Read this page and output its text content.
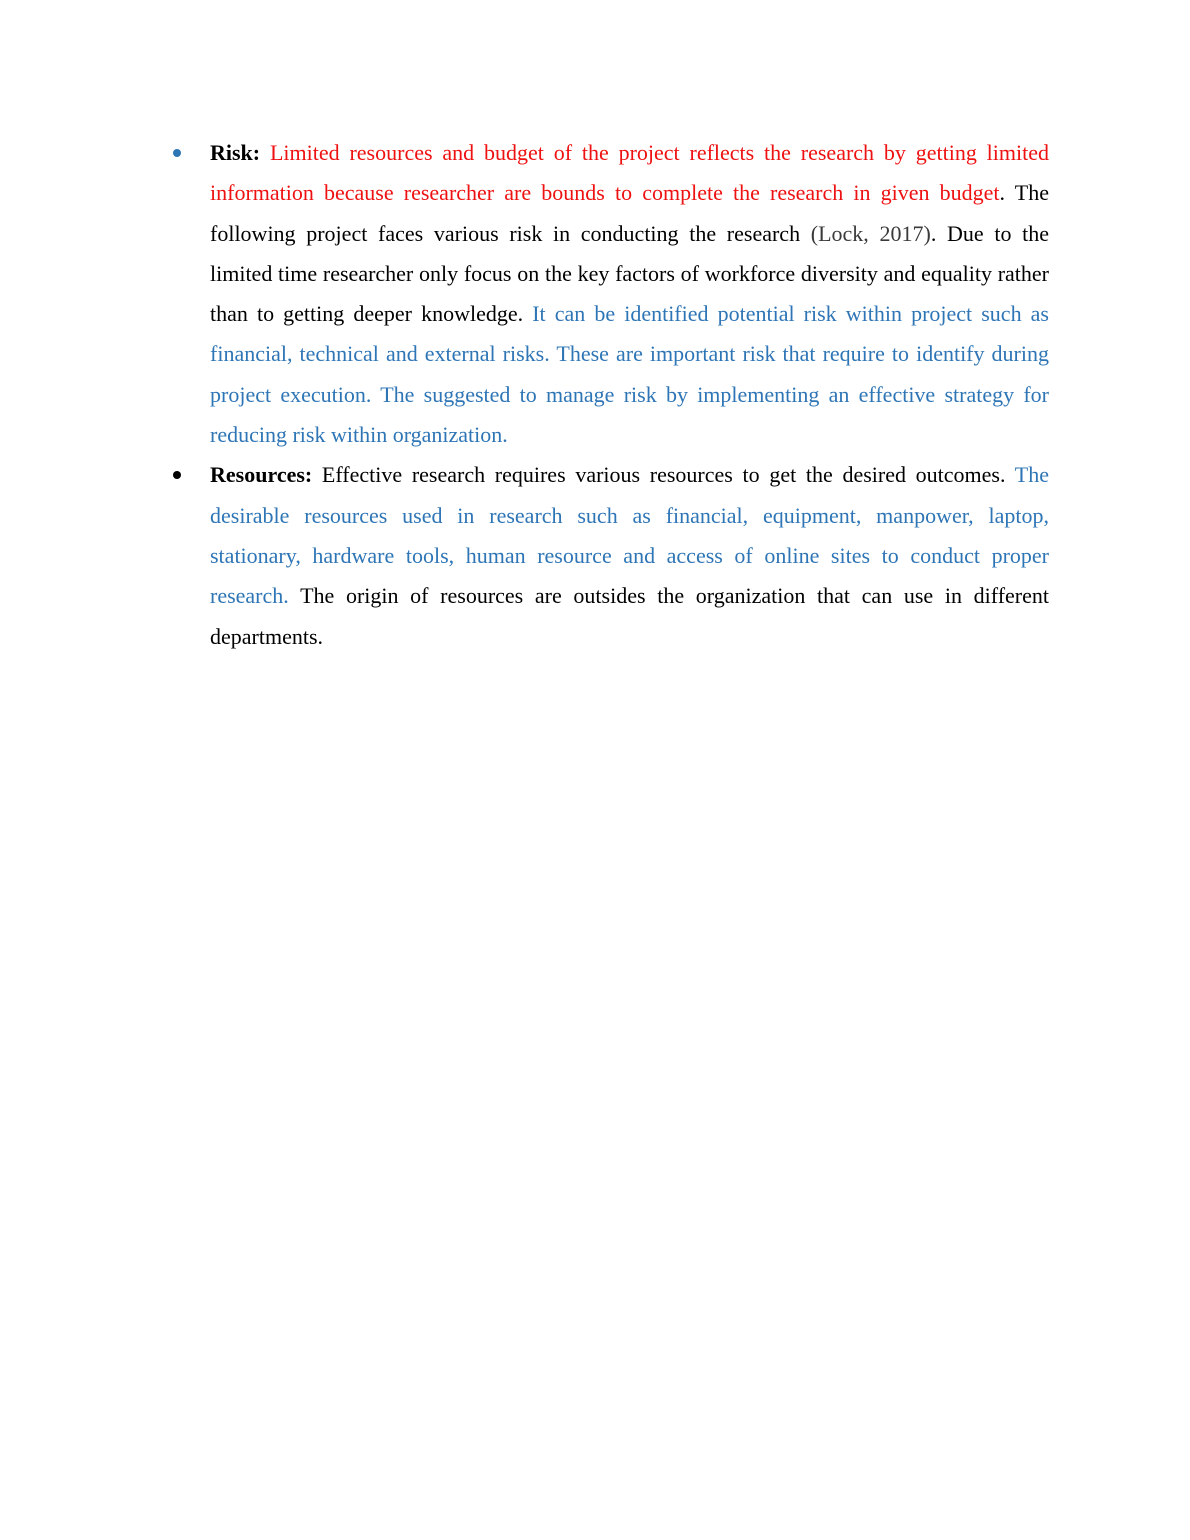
Risk: Limited resources and budget of the project reflects the research by getting limited information because researcher are bounds to complete the research in given budget. The following project faces various risk in conducting the research (Lock, 2017). Due to the limited time researcher only focus on the key factors of workforce diversity and equality rather than to getting deeper knowledge. It can be identified potential risk within project such as financial, technical and external risks. These are important risk that require to identify during project execution. The suggested to manage risk by implementing an effective strategy for reducing risk within organization.
Resources: Effective research requires various resources to get the desired outcomes. The desirable resources used in research such as financial, equipment, manpower, laptop, stationary, hardware tools, human resource and access of online sites to conduct proper research. The origin of resources are outsides the organization that can use in different departments.
